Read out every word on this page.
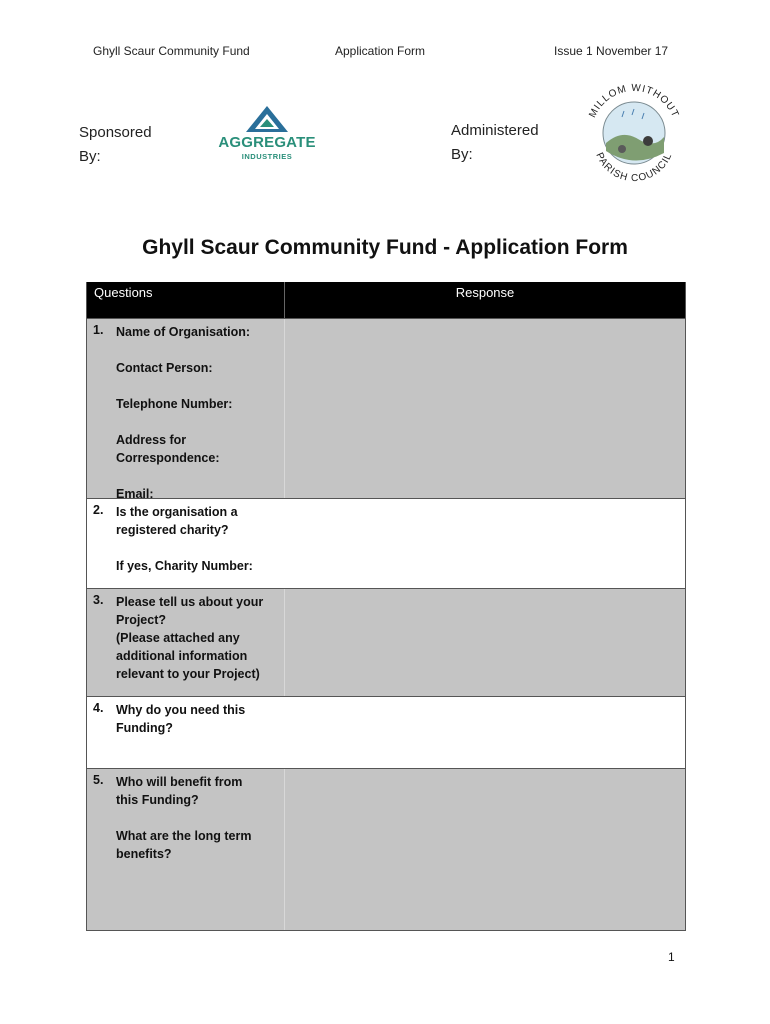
Ghyll Scaur Community Fund	Application Form	Issue 1 November 17
Sponsored
By:
AGGREGATE
INDUSTRIES
Administered
By:
MILLOM WITHOUT
PARISH COUNCIL
Ghyll Scaur Community Fund - Application Form
Questions	Response
1. Name of Organisation:
Contact Person:
Telephone Number:
Address for
Correspondence:
Email:
2. Is the organisation a
registered charity?
If yes, Charity Number:
3. Please tell us about your
Project?
(Please attached any
additional information
relevant to your Project)
4. Why do you need this
Funding?
5. Who will benefit from
this Funding?
What are the long term
benefits?
1
